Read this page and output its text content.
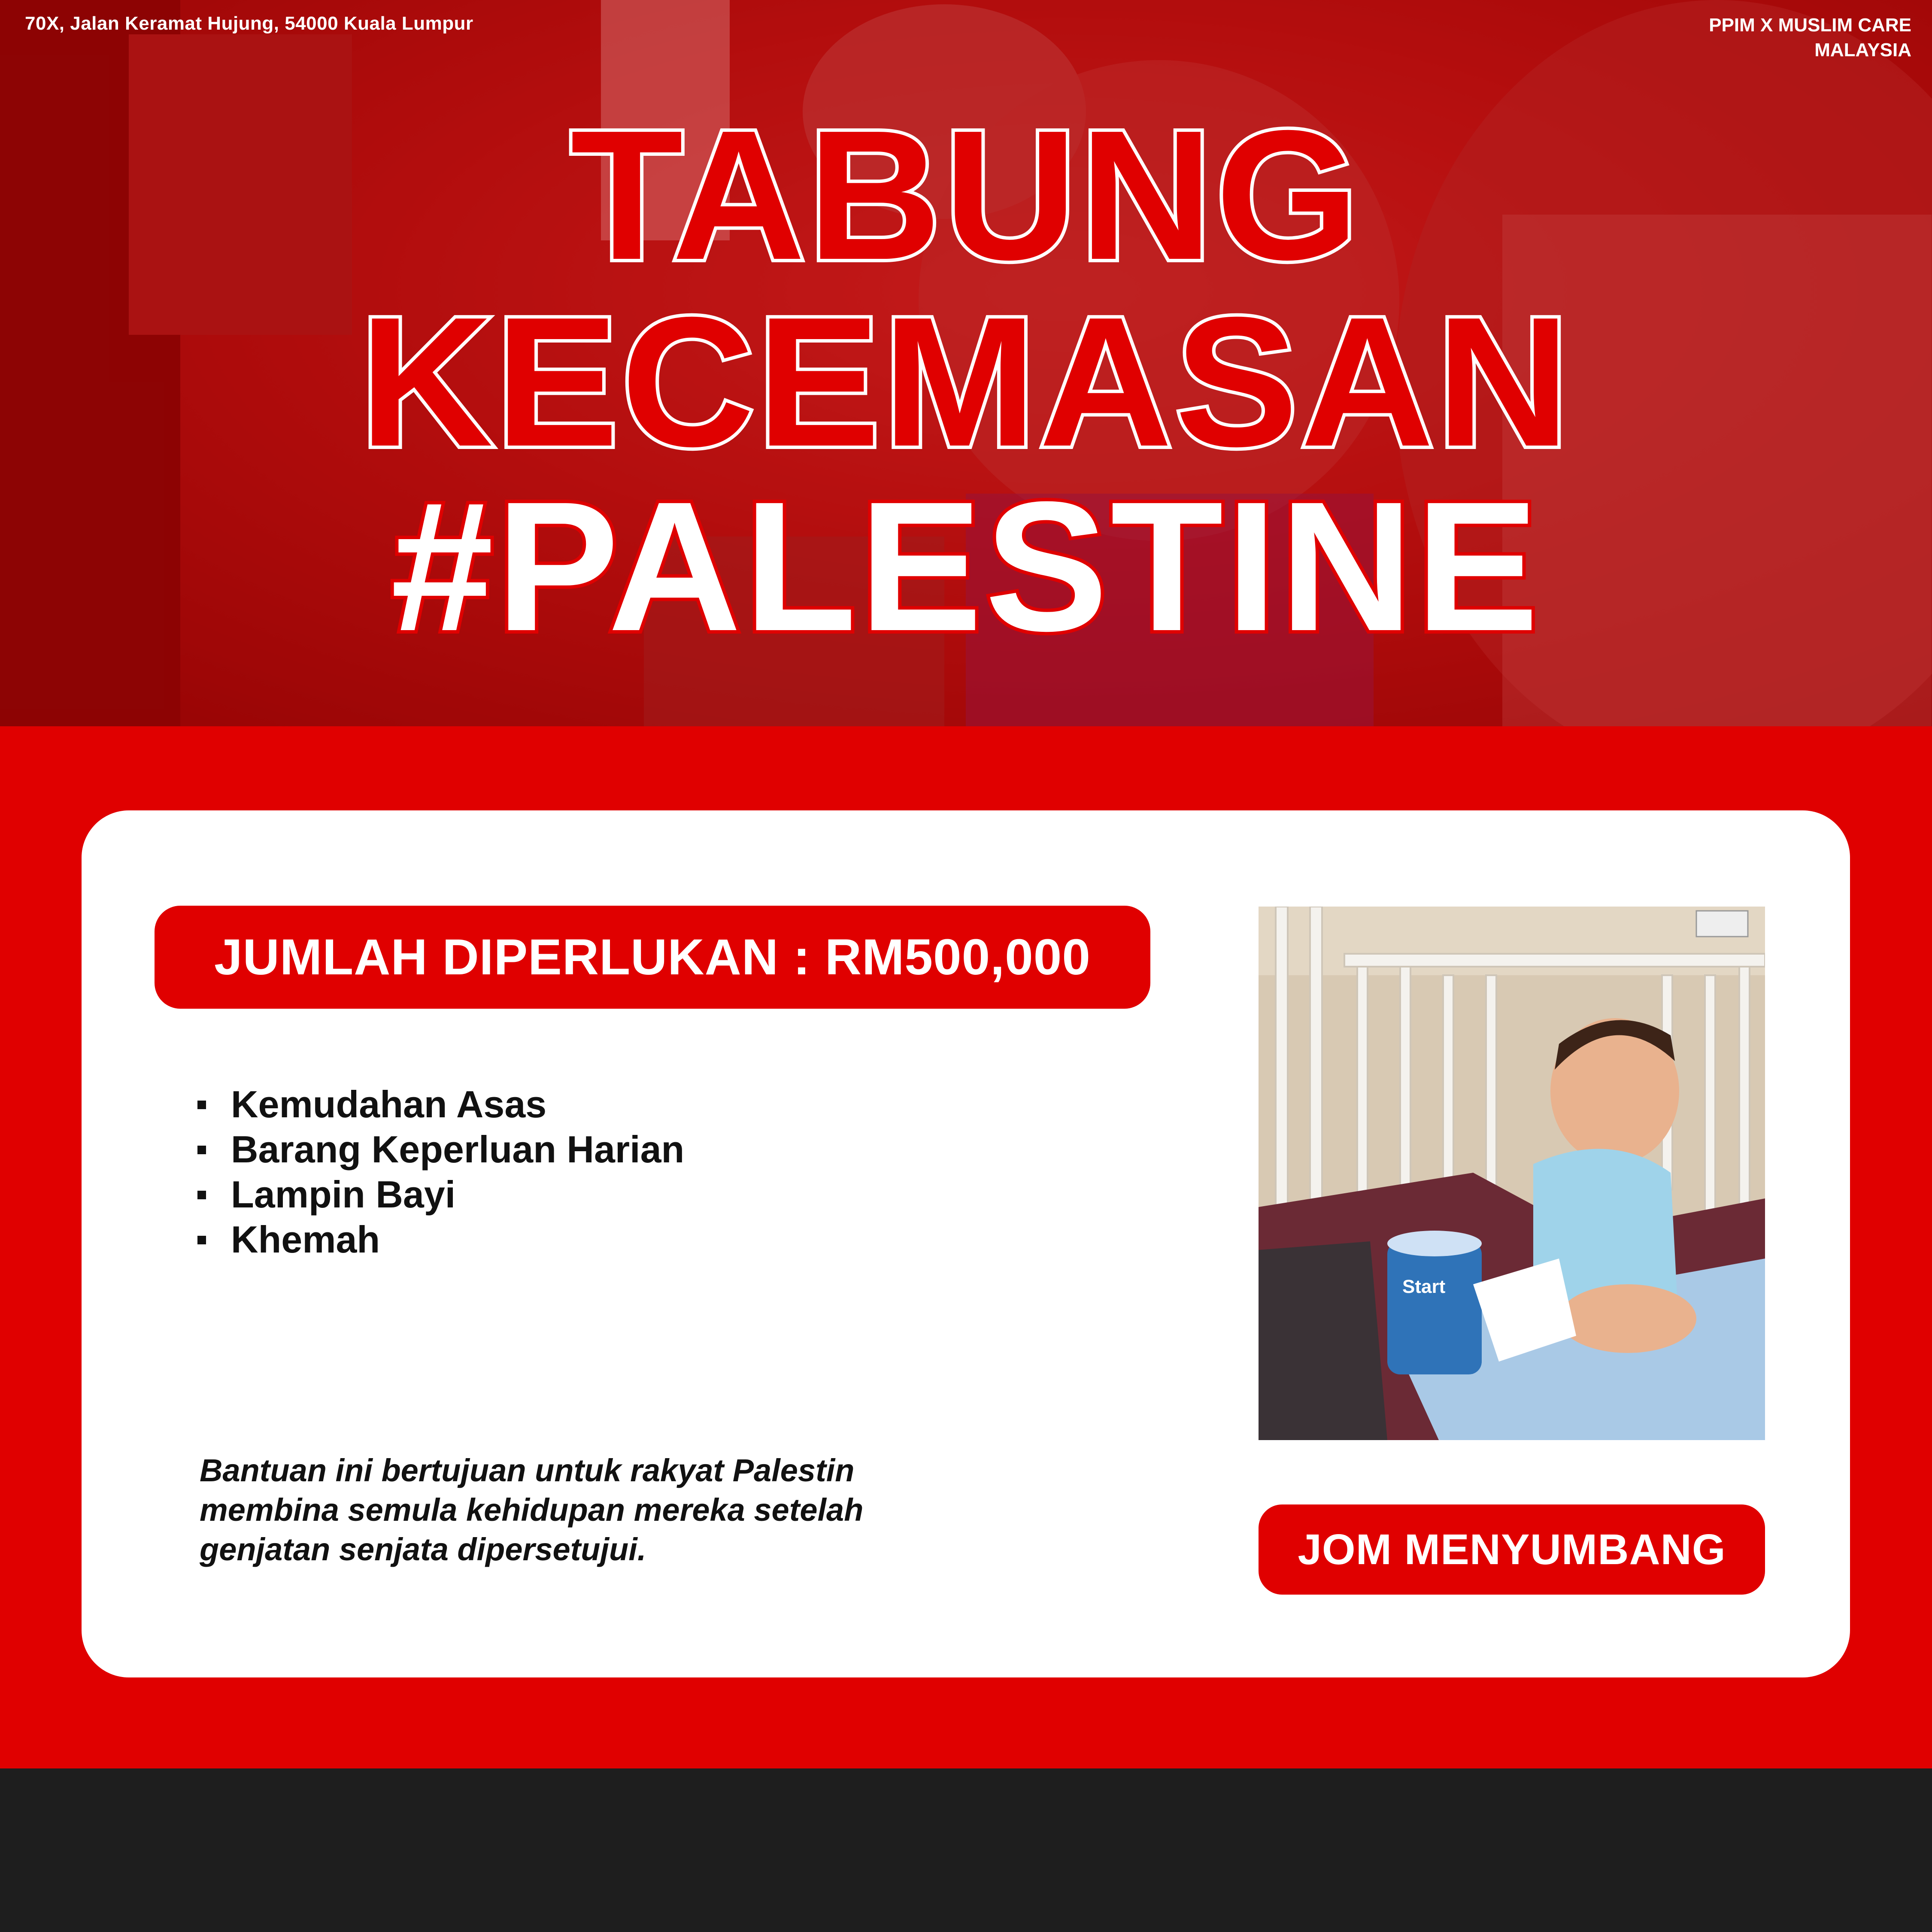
70X, Jalan Keramat Hujung, 54000 Kuala Lumpur	PPIM X MUSLIM CARE
MALAYSIA
TABUNG
KECEMASAN
#PALESTINE
JUMLAH DIPERLUKAN : RM500,000
Kemudahan Asas
Barang Keperluan Harian
Lampin Bayi
Khemah
Bantuan ini bertujuan untuk rakyat Palestin
membina semula kehidupan mereka setelah
genjatan senjata dipersetujui.
Start
JOM MENYUMBANG
